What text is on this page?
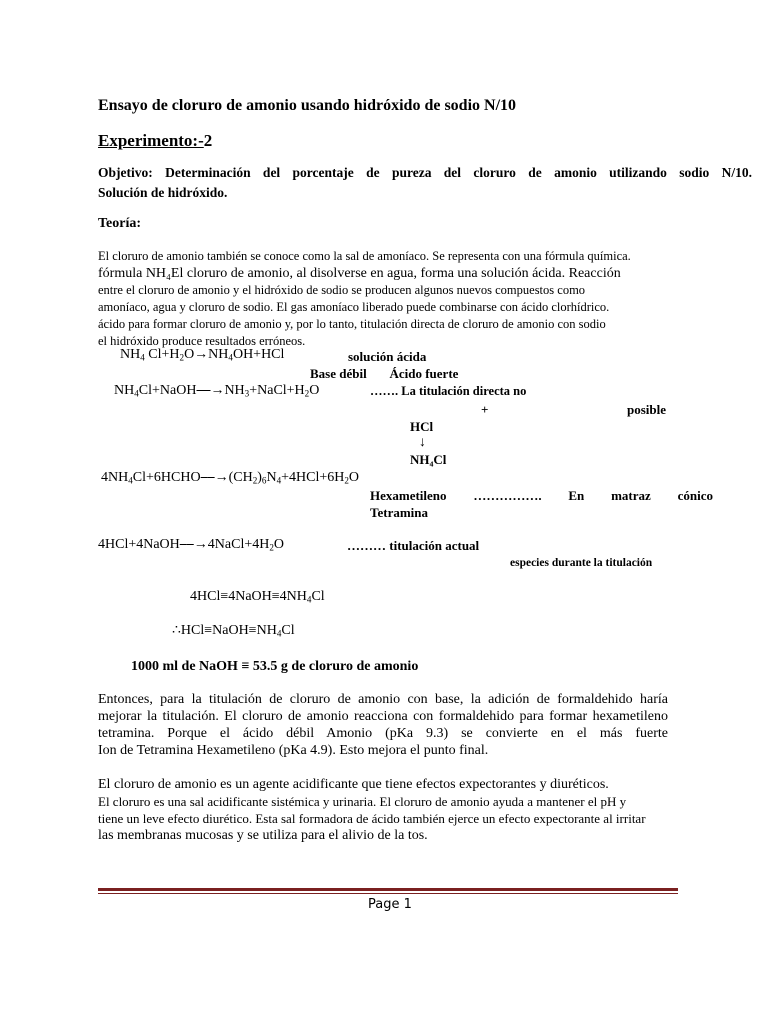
Ensayo de cloruro de amonio usando hidróxido de sodio N/10
Experimento:-2
Objetivo: Determinación del porcentaje de pureza del cloruro de amonio utilizando sodio N/10.
Solución de hidróxido.
Teoría:
El cloruro de amonio también se conoce como la sal de amoníaco. Se representa con una fórmula química.
fórmula NH₄El cloruro de amonio, al disolverse en agua, forma una solución ácida. Reacción
entre el cloruro de amonio y el hidróxido de sodio se producen algunos nuevos compuestos como
amoníaco, agua y cloruro de sodio. El gas amoníaco liberado puede combinarse con ácido clorhídrico.
ácido para formar cloruro de amonio y, por lo tanto, titulación directa de cloruro de amonio con sodio
el hidróxido produce resultados erróneos.
$NH_4$ $Cl+H_2O\to NH_4OH+HCl$	solución ácida
Base débil Ácido fuerte
$NH_4Cl+NaOH⎯⎯\to NH_3+NaCl+H_2O$	……. La titulación directa no
+	posible
HCl
↓
NH₄Cl
$4NH_4Cl+6HCHO⎯⎯\to(CH_2)_6N_4+4HCl+6H_2O$
Hexametileno ……………. En matraz cónico
Tetramina
$4HCl+4NaOH⎯⎯\to 4NaCl+4H_2O$	……… titulación actual
especies durante la titulación
$4HCl\equiv 4NaOH\equiv 4NH_4Cl$
$\therefore HCl\equiv NaOH\equiv NH_4Cl$
1000 ml de NaOH ≡ 53.5 g de cloruro de amonio
Entonces, para la titulación de cloruro de amonio con base, la adición de formaldehido haría
mejorar la titulación. El cloruro de amonio reacciona con formaldehido para formar hexametileno
tetramina. Porque el ácido débil Amonio (pKa 9.3) se convierte en el más fuerte
Ion de Tetramina Hexametileno (pKa 4.9). Esto mejora el punto final.
El cloruro de amonio es un agente acidificante que tiene efectos expectorantes y diuréticos.
El cloruro es una sal acidificante sistémica y urinaria. El cloruro de amonio ayuda a mantener el pH y
tiene un leve efecto diurético. Esta sal formadora de ácido también ejerce un efecto expectorante al irritar
las membranas mucosas y se utiliza para el alivio de la tos.
Page 1
